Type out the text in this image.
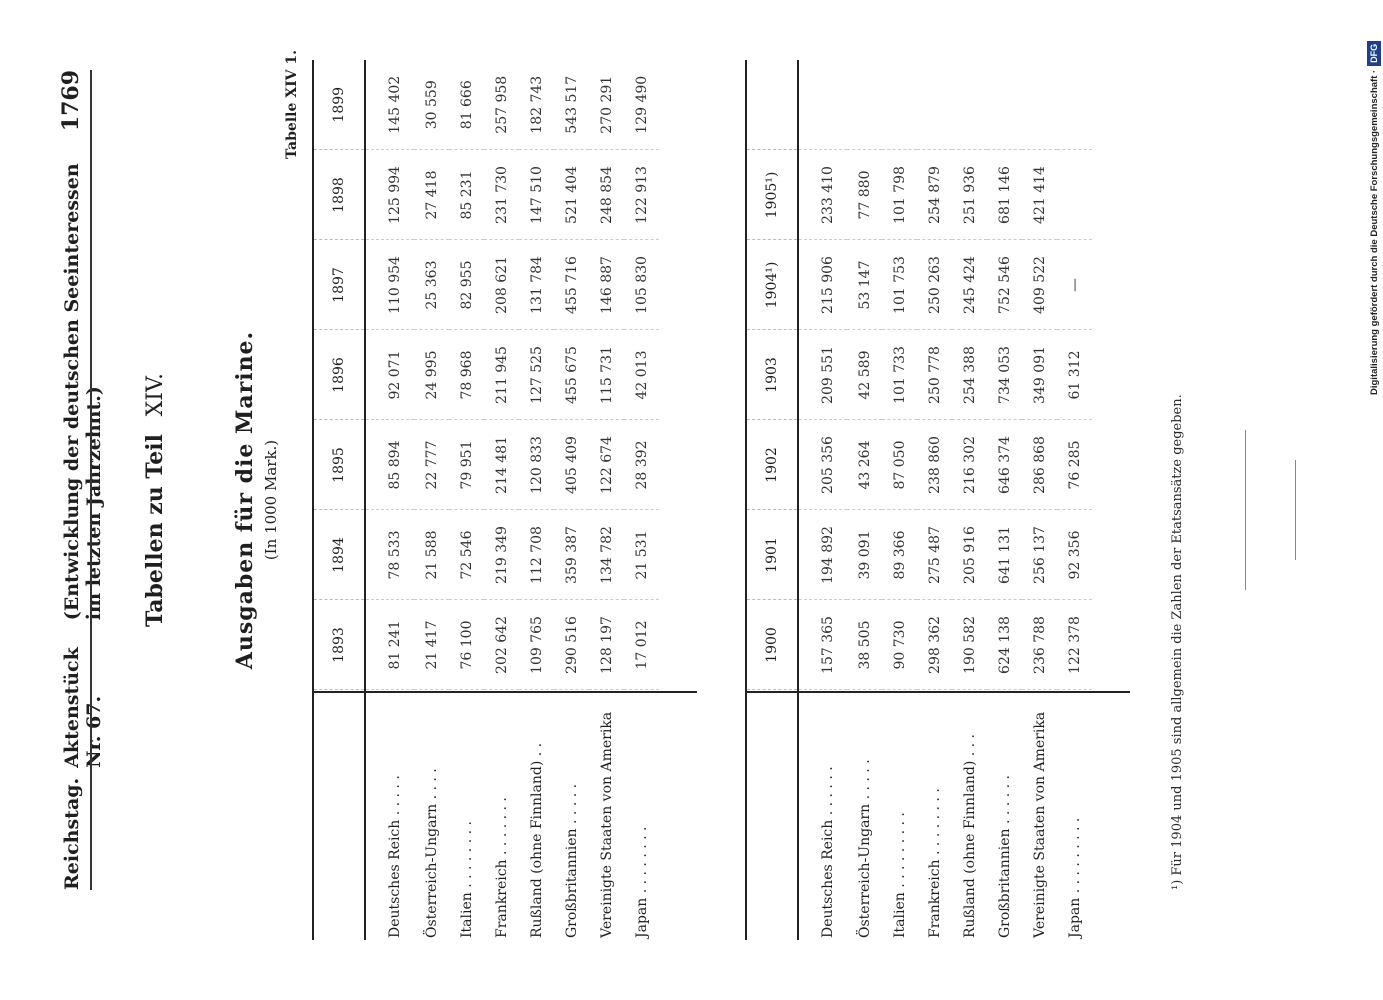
Reichstag.
Aktenstück Nr. 67.
(Entwicklung der deutschen Seeinteressen im letzten Jahrzehnt.)
1769
Tabellen zu Teil XIV.	Ausgaben für die Marine. (In 1000 Mark.)
Tabelle XIV 1.
	1893	1894	1895	1896	1897	1898	1899
Deutsches Reich . . . . .	81 241	78 533	85 894	92 071	110 954	125 994	145 402
Österreich-Ungarn . . . .	21 417	21 588	22 777	24 995	25 363	27 418	30 559
Italien . . . . . . . .	76 100	72 546	79 951	78 968	82 955	85 231	81 666
Frankreich . . . . . . .	202 642	219 349	214 481	211 945	208 621	231 730	257 958
Rußland (ohne Finnland) . .	109 765	112 708	120 833	127 525	131 784	147 510	182 743
Großbritannien . . . . .	290 516	359 387	405 409	455 675	455 716	521 404	543 517
Vereinigte Staaten von Amerika	128 197	134 782	122 674	115 731	146 887	248 854	270 291
Japan . . . . . . . .	17 012	21 531	28 392	42 013	105 830	122 913	129 490
	1900	1901	1902	1903	1904¹)	1905¹)	
Deutsches Reich . . . . . .	157 365	194 892	205 356	209 551	215 906	233 410	
Österreich-Ungarn . . . . .	38 505	39 091	43 264	42 589	53 147	77 880	
Italien . . . . . . . . .	90 730	89 366	87 050	101 733	101 753	101 798	
Frankreich . . . . . . . .	298 362	275 487	238 860	250 778	250 263	254 879	
Rußland (ohne Finnland) . . .	190 582	205 916	216 302	254 388	245 424	251 936	
Großbritannien . . . . . .	624 138	641 131	646 374	734 053	752 546	681 146	
Vereinigte Staaten von Amerika	236 788	256 137	286 868	349 091	409 522	421 414	
Japan . . . . . . . . .	122 378	92 356	76 285	61 312	—		
¹) Für 1904 und 1905 sind allgemein die Zahlen der Etatsansätze gegeben.
Digitalisierung gefördert durch die Deutsche Forschungsgemeinschaft ·
DFG
